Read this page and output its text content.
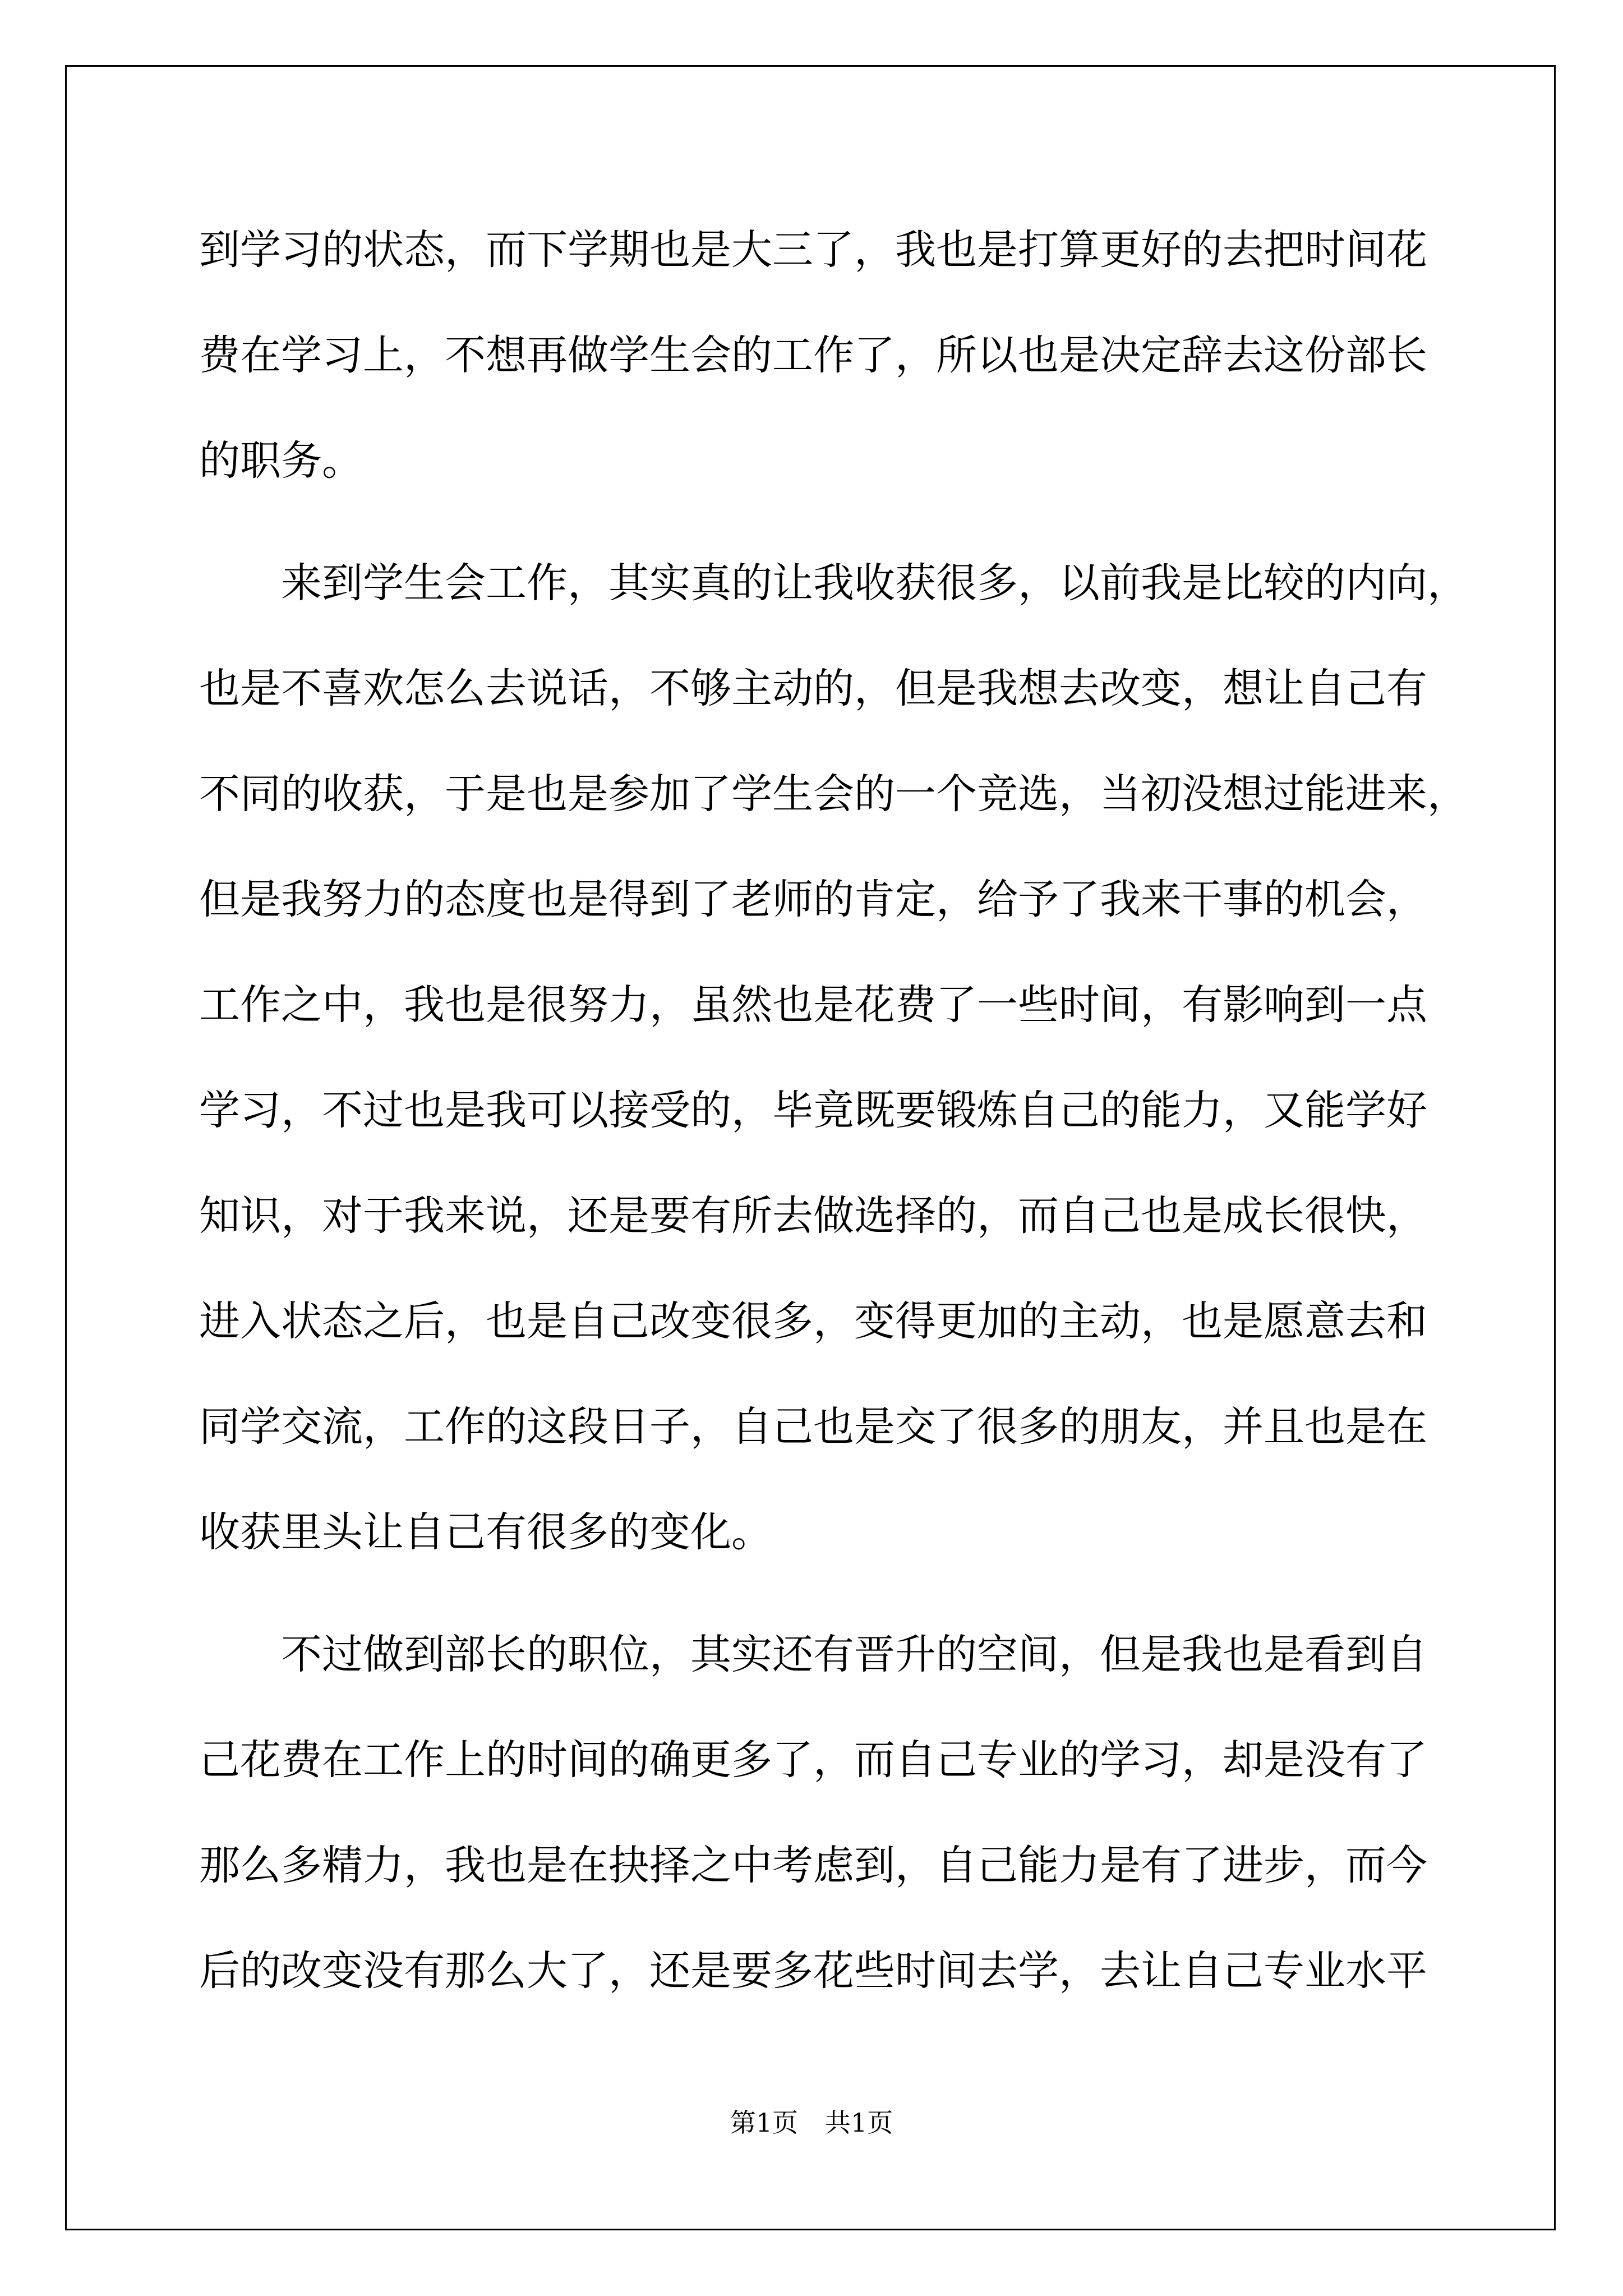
到学习的状态，而下学期也是大三了，我也是打算更好的去把时间花
费在学习上，不想再做学生会的工作了，所以也是决定辞去这份部长
的职务。
来到学生会工作，其实真的让我收获很多，以前我是比较的内向，
也是不喜欢怎么去说话，不够主动的，但是我想去改变，想让自己有
不同的收获，于是也是参加了学生会的一个竞选，当初没想过能进来，
但是我努力的态度也是得到了老师的肯定，给予了我来干事的机会，
工作之中，我也是很努力，虽然也是花费了一些时间，有影响到一点
学习，不过也是我可以接受的，毕竟既要锻炼自己的能力，又能学好
知识，对于我来说，还是要有所去做选择的，而自己也是成长很快，
进入状态之后，也是自己改变很多，变得更加的主动，也是愿意去和
同学交流，工作的这段日子，自己也是交了很多的朋友，并且也是在
收获里头让自己有很多的变化。
不过做到部长的职位，其实还有晋升的空间，但是我也是看到自
己花费在工作上的时间的确更多了，而自己专业的学习，却是没有了
那么多精力，我也是在抉择之中考虑到，自己能力是有了进步，而今
后的改变没有那么大了，还是要多花些时间去学，去让自己专业水平
第1页 共1页
